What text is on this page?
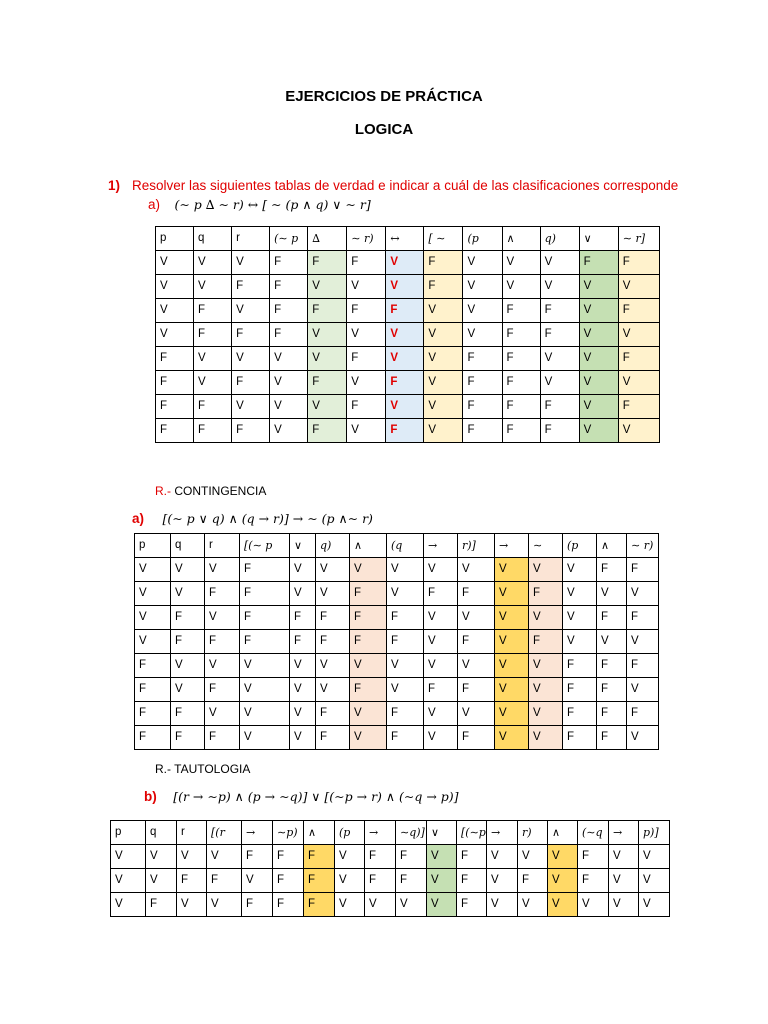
EJERCICIOS DE PRÁCTICA
LOGICA
1) Resolver las siguientes tablas de verdad e indicar a cuál de las clasificaciones corresponde
a) (∼ p ∆ ∼ r) ↔ [ ∼ (p ∧ q) ∨ ∼ r]
p	q	r	(∼ p	∆	∼ r)	↔	[ ∼	(p	∧	q)	∨	∼ r]
V	V	V	F	F	F	V	F	V	V	V	F	F
V	V	F	F	V	V	V	F	V	V	V	V	V
V	F	V	F	F	F	F	V	V	F	F	V	F
V	F	F	F	V	V	V	V	V	F	F	V	V
F	V	V	V	V	F	V	V	F	F	V	V	F
F	V	F	V	F	V	F	V	F	F	V	V	V
F	F	V	V	V	F	V	V	F	F	F	V	F
F	F	F	V	F	V	F	V	F	F	F	V	V
R.- CONTINGENCIA
a) [(∼ p ∨ q) ∧ (q → r)] → ∼ (p ∧∼ r)
p	q	r	[(∼ p	∨	q)	∧	(q	→	r)]	→	∼	(p	∧	∼ r)
V	V	V	F	V	V	V	V	V	V	V	V	V	F	F
V	V	F	F	V	V	F	V	F	F	V	F	V	V	V
V	F	V	F	F	F	F	F	V	V	V	V	V	F	F
V	F	F	F	F	F	F	F	V	F	V	F	V	V	V
F	V	V	V	V	V	V	V	V	V	V	V	F	F	F
F	V	F	V	V	V	F	V	F	F	V	V	F	F	V
F	F	V	V	V	F	V	F	V	V	V	V	F	F	F
F	F	F	V	V	F	V	F	V	F	V	V	F	F	V
R.- TAUTOLOGIA
b) [(r → ∼p) ∧ (p → ∼q)] ∨ [(∼p → r) ∧ (∼q → p)]
p	q	r	[(r	→	∼p)	∧	(p	→	∼q)]	∨	[(∼p	→	r)	∧	(∼q	→	p)]
V	V	V	V	F	F	F	V	F	F	V	F	V	V	V	F	V	V
V	V	F	F	V	F	F	V	F	F	V	F	V	F	V	F	V	V
V	F	V	V	F	F	F	V	V	V	V	F	V	V	V	V	V	V
